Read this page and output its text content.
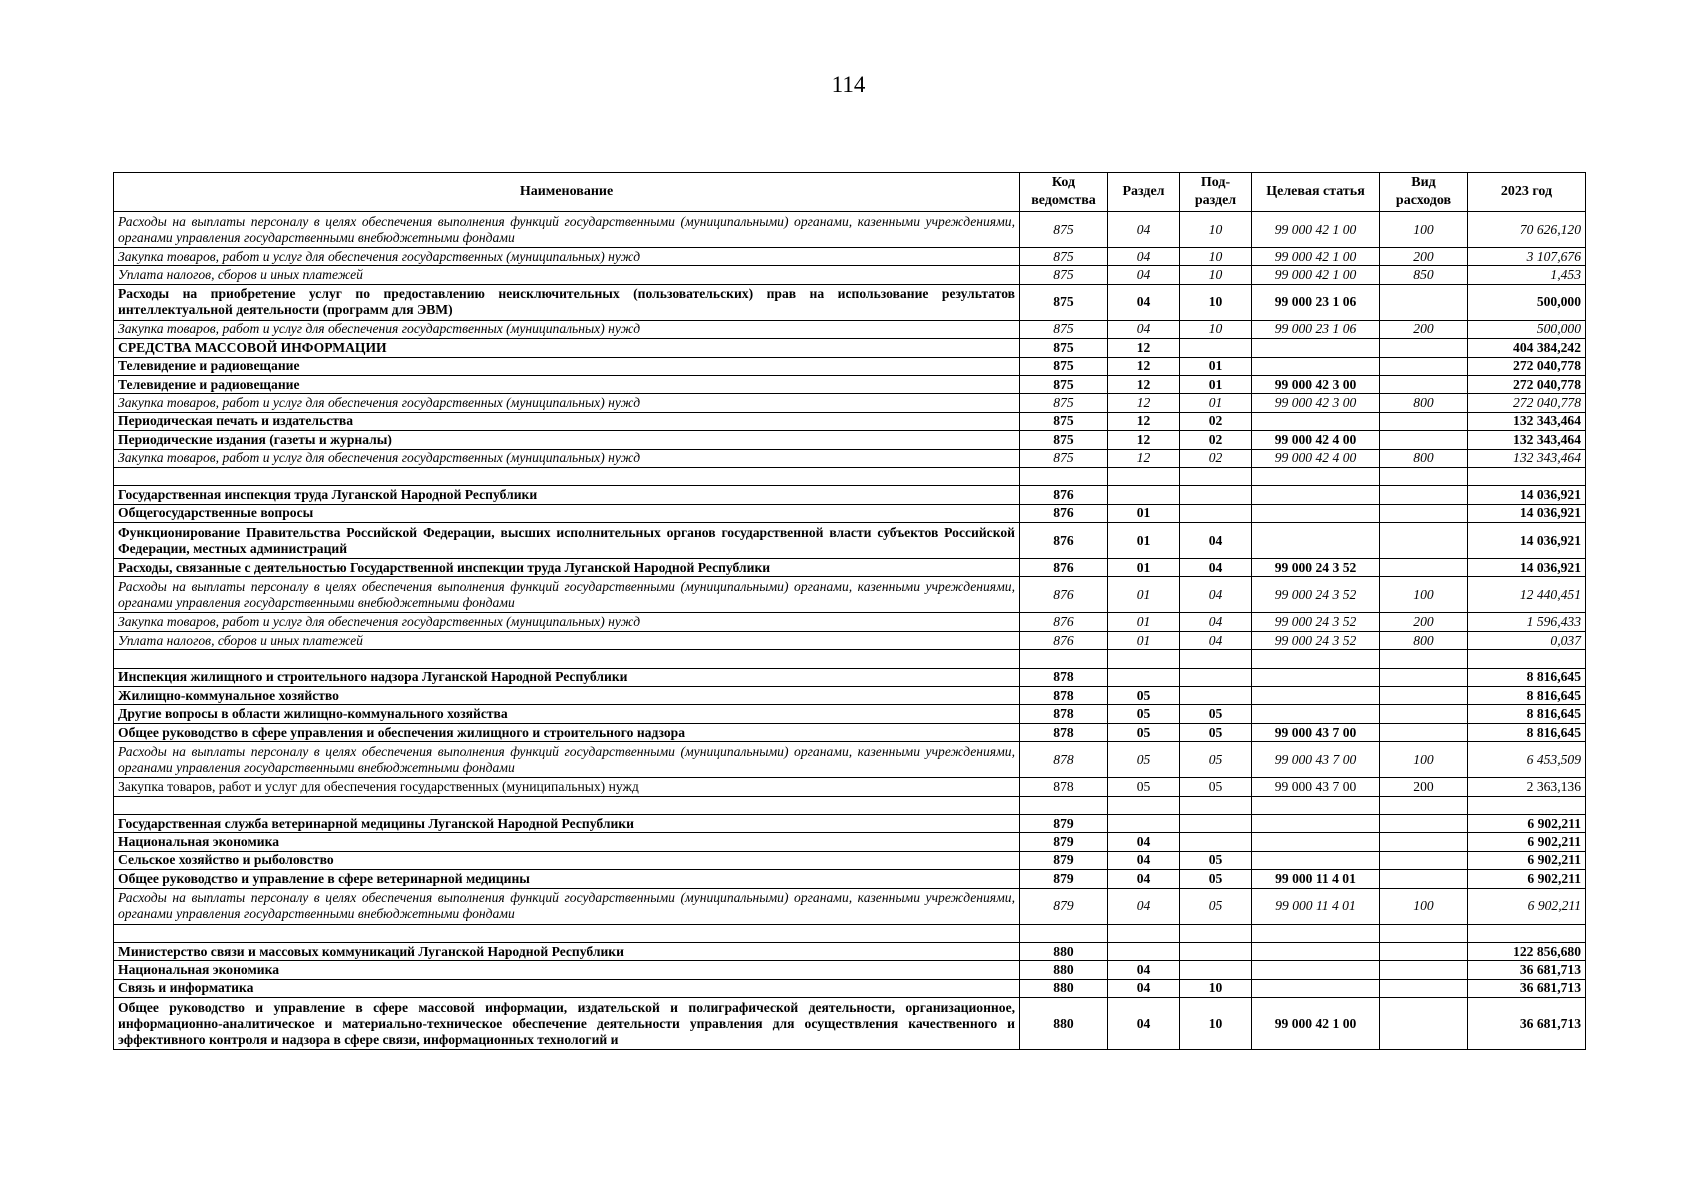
114
Наименование	Код ведомства	Раздел	Под-раздел	Целевая статья	Вид расходов	2023 год
Расходы на выплаты персоналу в целях обеспечения выполнения функций государственными (муниципальными) органами, казенными учреждениями, органами управления государственными внебюджетными фондами	875	04	10	99 000 42 1 00	100	70 626,120
Закупка товаров, работ и услуг для обеспечения государственных (муниципальных) нужд	875	04	10	99 000 42 1 00	200	3 107,676
Уплата налогов, сборов и иных платежей	875	04	10	99 000 42 1 00	850	1,453
Расходы на приобретение услуг по предоставлению неисключительных (пользовательских) прав на использование результатов интеллектуальной деятельности (программ для ЭВМ)	875	04	10	99 000 23 1 06		500,000
Закупка товаров, работ и услуг для обеспечения государственных (муниципальных) нужд	875	04	10	99 000 23 1 06	200	500,000
СРЕДСТВА МАССОВОЙ ИНФОРМАЦИИ	875	12				404 384,242
Телевидение и радиовещание	875	12	01			272 040,778
Телевидение и радиовещание	875	12	01	99 000 42 3 00		272 040,778
Закупка товаров, работ и услуг для обеспечения государственных (муниципальных) нужд	875	12	01	99 000 42 3 00	800	272 040,778
Периодическая печать и издательства	875	12	02			132 343,464
Периодические издания (газеты и журналы)	875	12	02	99 000 42 4 00		132 343,464
Закупка товаров, работ и услуг для обеспечения государственных (муниципальных) нужд	875	12	02	99 000 42 4 00	800	132 343,464

Государственная инспекция труда Луганской Народной Республики	876					14 036,921
Общегосударственные вопросы	876	01				14 036,921
Функционирование Правительства Российской Федерации, высших исполнительных органов государственной власти субъектов Российской Федерации, местных администраций	876	01	04			14 036,921
Расходы, связанные с деятельностью Государственной инспекции труда Луганской Народной Республики	876	01	04	99 000 24 3 52		14 036,921
Расходы на выплаты персоналу в целях обеспечения выполнения функций государственными (муниципальными) органами, казенными учреждениями, органами управления государственными внебюджетными фондами	876	01	04	99 000 24 3 52	100	12 440,451
Закупка товаров, работ и услуг для обеспечения государственных (муниципальных) нужд	876	01	04	99 000 24 3 52	200	1 596,433
Уплата налогов, сборов и иных платежей	876	01	04	99 000 24 3 52	800	0,037

Инспекция жилищного и строительного надзора Луганской Народной Республики	878					8 816,645
Жилищно-коммунальное хозяйство	878	05				8 816,645
Другие вопросы в области жилищно-коммунального хозяйства	878	05	05			8 816,645
Общее руководство в сфере управления и обеспечения жилищного и строительного надзора	878	05	05	99 000 43 7 00		8 816,645
Расходы на выплаты персоналу в целях обеспечения выполнения функций государственными (муниципальными) органами, казенными учреждениями, органами управления государственными внебюджетными фондами	878	05	05	99 000 43 7 00	100	6 453,509
Закупка товаров, работ и услуг для обеспечения государственных (муниципальных) нужд	878	05	05	99 000 43 7 00	200	2 363,136

Государственная служба ветеринарной медицины Луганской Народной Республики	879					6 902,211
Национальная экономика	879	04				6 902,211
Сельское хозяйство и рыболовство	879	04	05			6 902,211
Общее руководство и управление в сфере ветеринарной медицины	879	04	05	99 000 11 4 01		6 902,211
Расходы на выплаты персоналу в целях обеспечения выполнения функций государственными (муниципальными) органами, казенными учреждениями, органами управления государственными внебюджетными фондами	879	04	05	99 000 11 4 01	100	6 902,211

Министерство связи и массовых коммуникаций Луганской Народной Республики	880					122 856,680
Национальная экономика	880	04				36 681,713
Связь и информатика	880	04	10			36 681,713
Общее руководство и управление в сфере массовой информации, издательской и полиграфической деятельности, организационное, информационно-аналитическое и материально-техническое обеспечение деятельности управления для осуществления качественного и эффективного контроля и надзора в сфере связи, информационных технологий и	880	04	10	99 000 42 1 00		36 681,713
